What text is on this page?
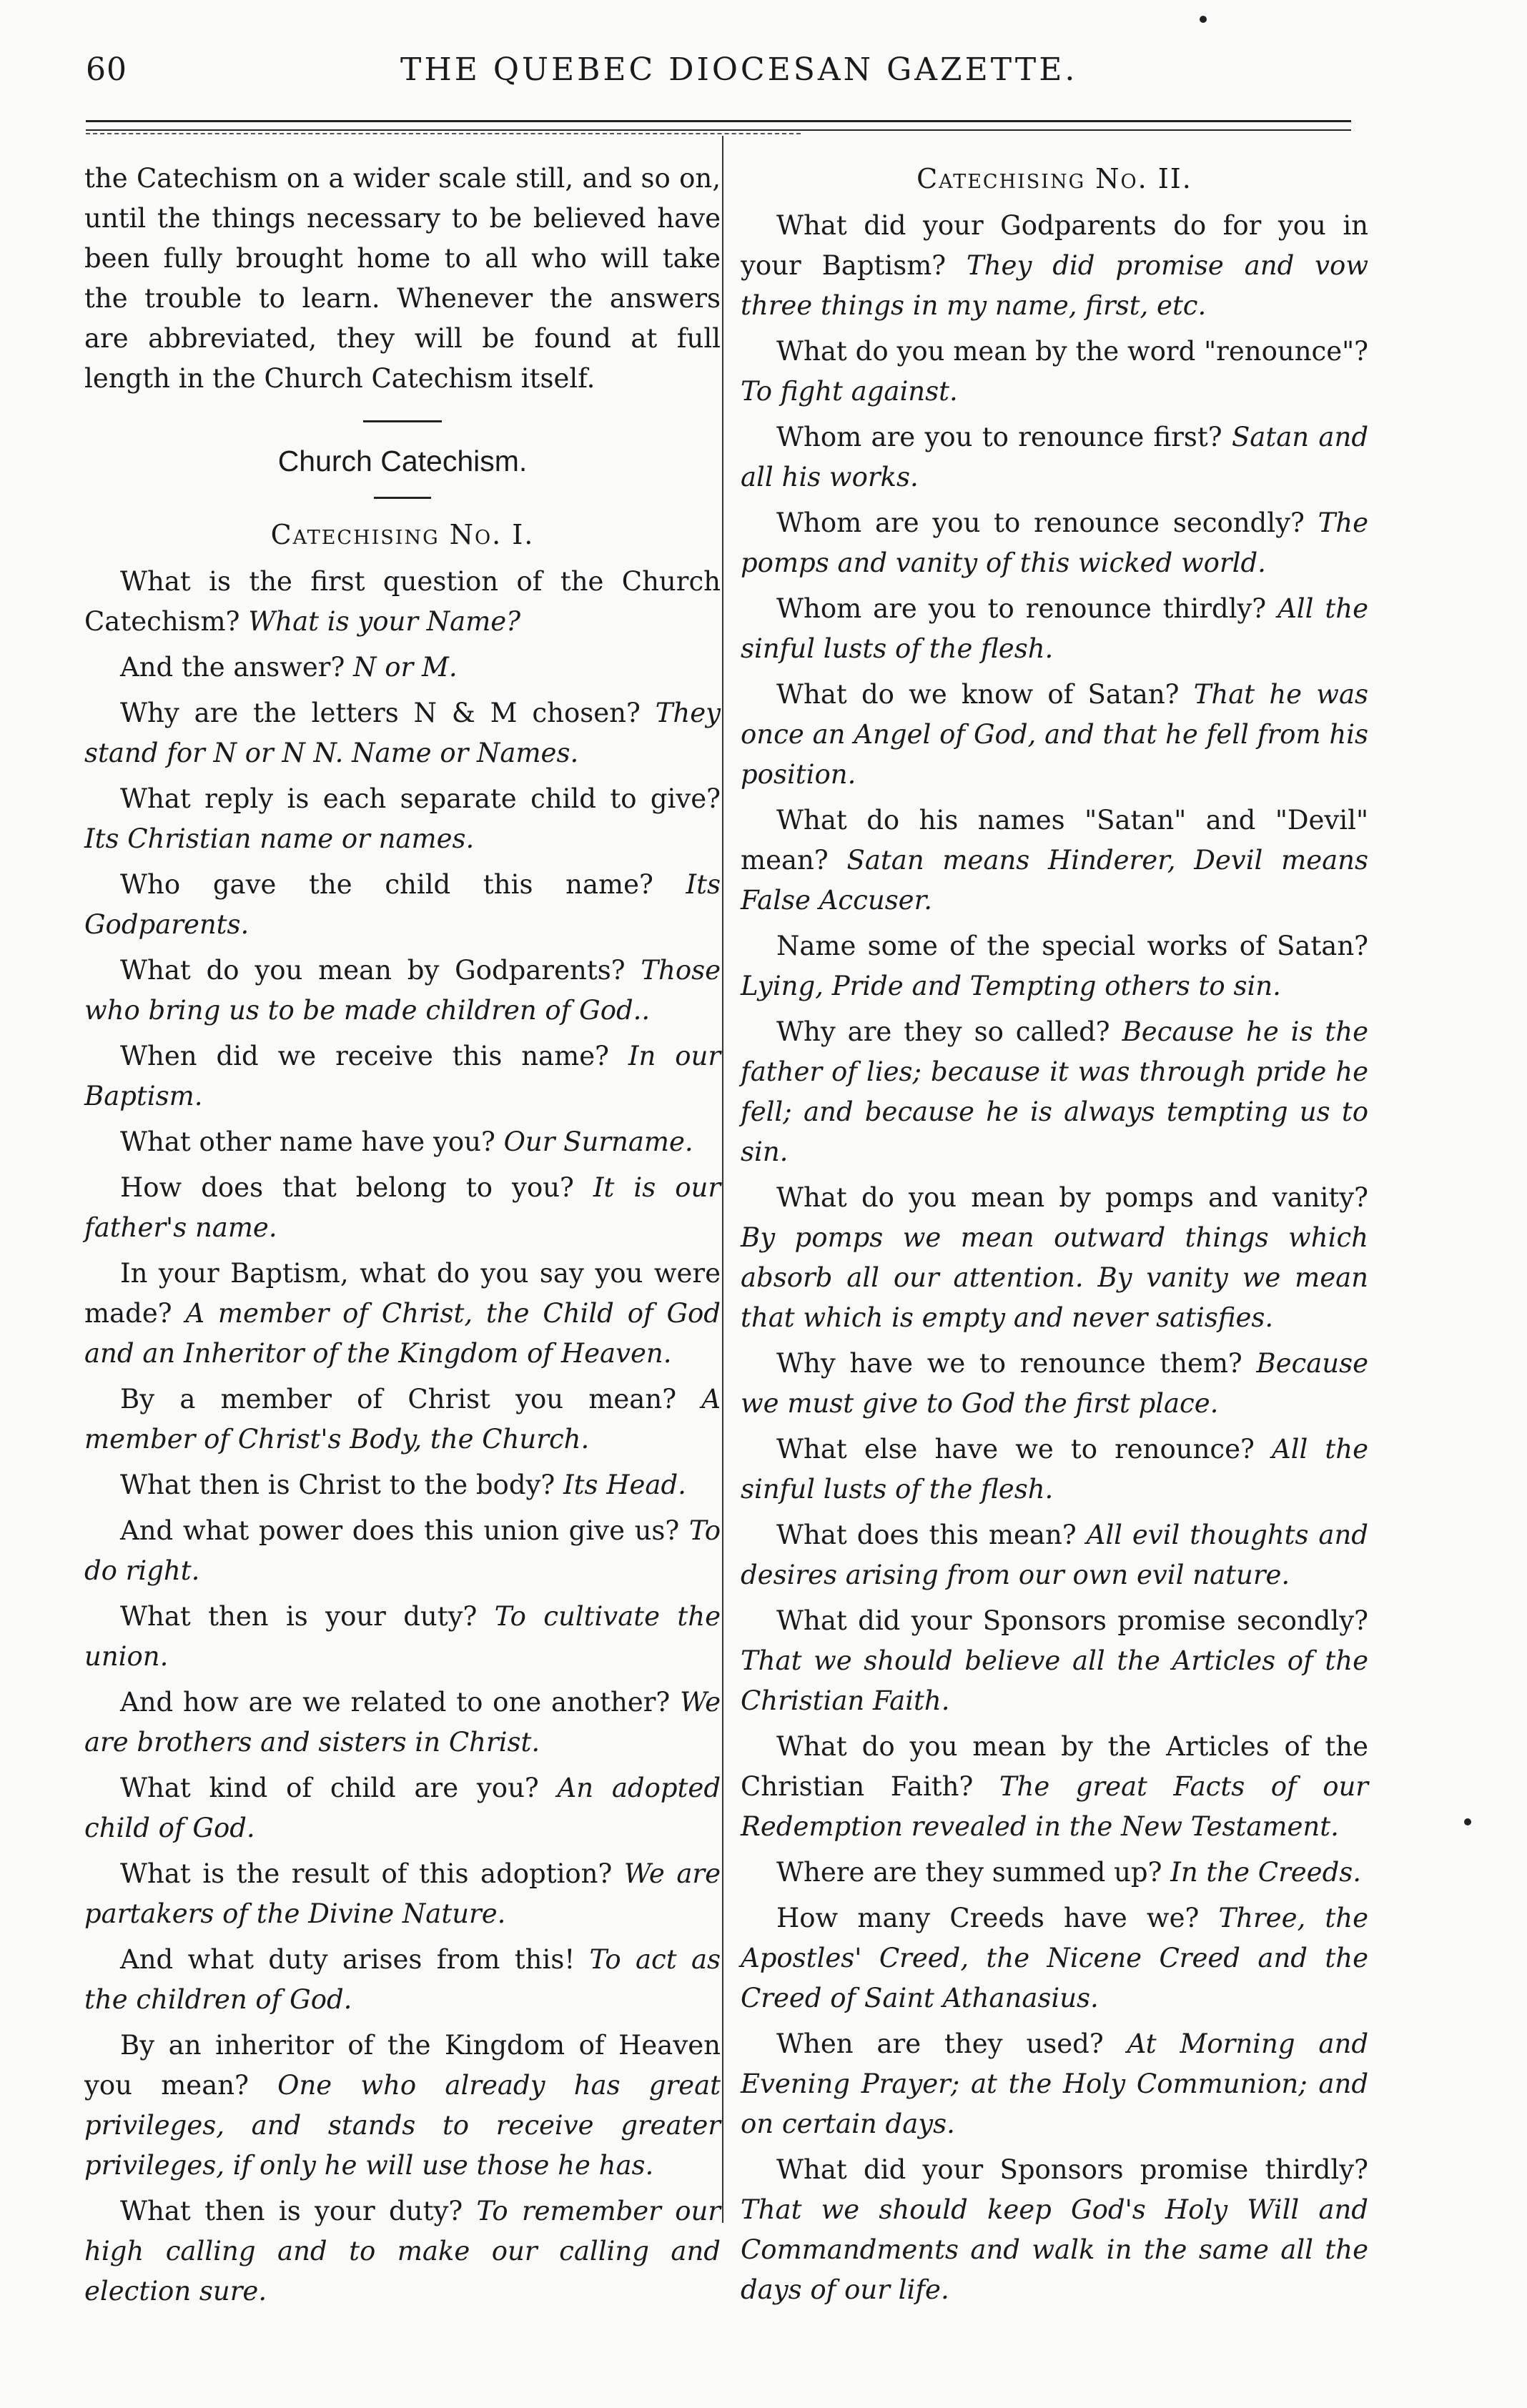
60	THE QUEBEC DIOCESAN GAZETTE.

the Catechism on a wider scale still, and so on, until the things necessary to be believed have been fully brought home to all who will take the trouble to learn. Whenever the answers are abbreviated, they will be found at full length in the Church Catechism itself.

Church Catechism.
Catechising No. I.

What is the first question of the Church Catechism? What is your Name?

And the answer? N or M.

Why are the letters N & M chosen? They stand for N or N N. Name or Names.

What reply is each separate child to give? Its Christian name or names.

Who gave the child this name? Its Godparents.

What do you mean by Godparents? Those who bring us to be made children of God..

When did we receive this name? In our Baptism.

What other name have you? Our Surname.

How does that belong to you? It is our father's name.

In your Baptism, what do you say you were made? A member of Christ, the Child of God and an Inheritor of the Kingdom of Heaven.

By a member of Christ you mean? A member of Christ's Body, the Church.

What then is Christ to the body? Its Head.

And what power does this union give us? To do right.

What then is your duty? To cultivate the union.

And how are we related to one another? We are brothers and sisters in Christ.

What kind of child are you? An adopted child of God.

What is the result of this adoption? We are partakers of the Divine Nature.

And what duty arises from this! To act as the children of God.

By an inheritor of the Kingdom of Heaven you mean? One who already has great privileges, and stands to receive greater privileges, if only he will use those he has.

What then is your duty? To remember our high calling and to make our calling and election sure.

Catechising No. II.

What did your Godparents do for you in your Baptism? They did promise and vow three things in my name, first, etc.

What do you mean by the word "renounce"? To fight against.

Whom are you to renounce first? Satan and all his works.

Whom are you to renounce secondly? The pomps and vanity of this wicked world.

Whom are you to renounce thirdly? All the sinful lusts of the flesh.

What do we know of Satan? That he was once an Angel of God, and that he fell from his position.

What do his names "Satan" and "Devil" mean? Satan means Hinderer, Devil means False Accuser.

Name some of the special works of Satan? Lying, Pride and Tempting others to sin.

Why are they so called? Because he is the father of lies; because it was through pride he fell; and because he is always tempting us to sin.

What do you mean by pomps and vanity? By pomps we mean outward things which absorb all our attention. By vanity we mean that which is empty and never satisfies.

Why have we to renounce them? Because we must give to God the first place.

What else have we to renounce? All the sinful lusts of the flesh.

What does this mean? All evil thoughts and desires arising from our own evil nature.

What did your Sponsors promise secondly? That we should believe all the Articles of the Christian Faith.

What do you mean by the Articles of the Christian Faith? The great Facts of our Redemption revealed in the New Testament.

Where are they summed up? In the Creeds.

How many Creeds have we? Three, the Apostles' Creed, the Nicene Creed and the Creed of Saint Athanasius.

When are they used? At Morning and Evening Prayer; at the Holy Communion; and on certain days.

What did your Sponsors promise thirdly? That we should keep God's Holy Will and Commandments and walk in the same all the days of our life.
